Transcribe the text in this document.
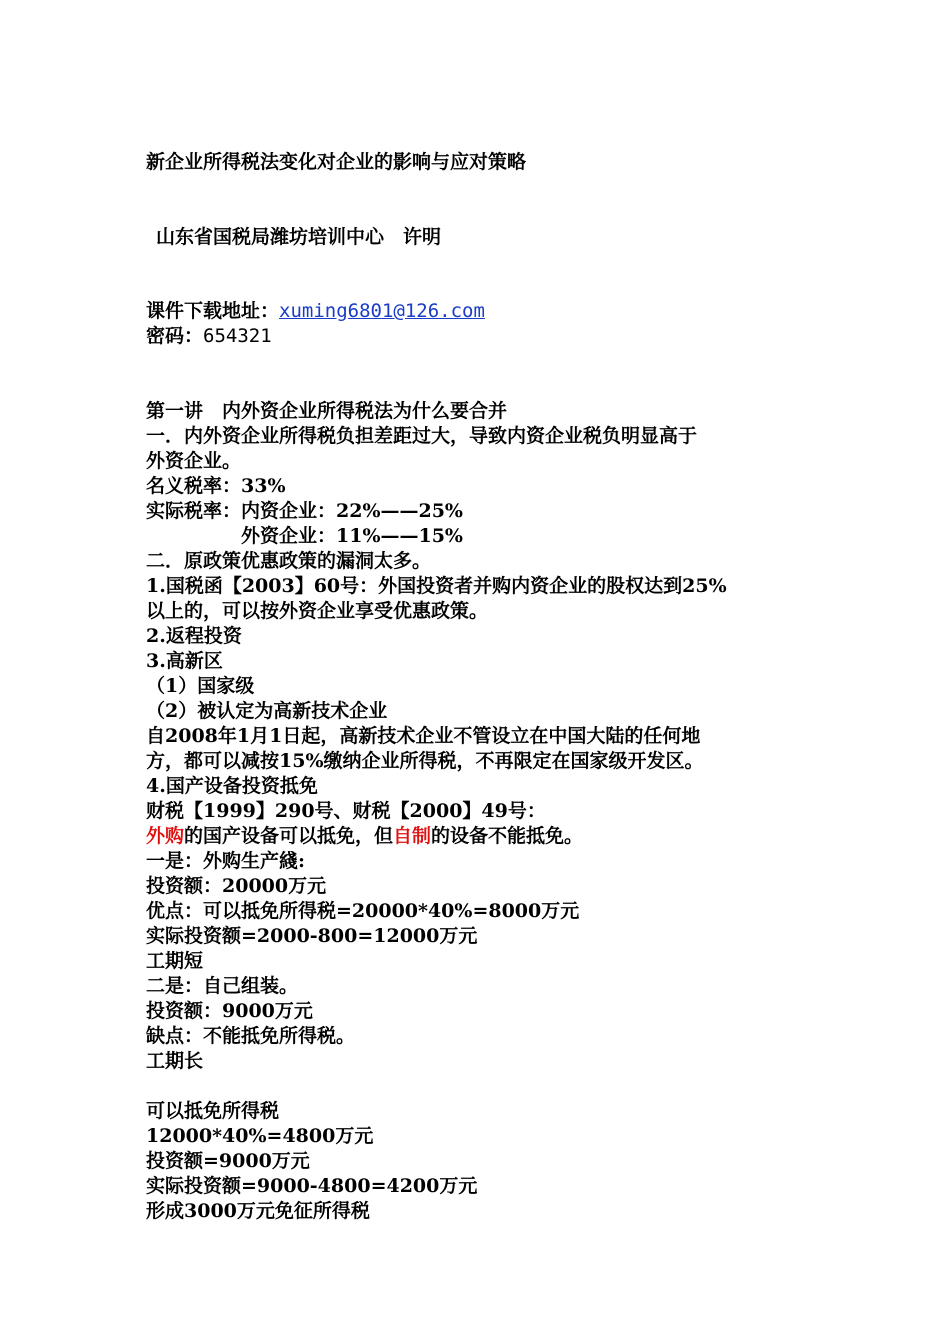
新企业所得税法变化对企业的影响与应对策略
山东省国税局潍坊培训中心　许明
课件下载地址：xuming6801@126.com
密码：654321
第一讲　内外资企业所得税法为什么要合并
一．内外资企业所得税负担差距过大，导致内资企业税负明显高于
外资企业。
名义税率：33%
实际税率：内资企业：22%——25%
　　　　　外资企业：11%——15%
二．原政策优惠政策的漏洞太多。
1.国税函【2003】60号：外国投资者并购内资企业的股权达到25%
以上的，可以按外资企业享受优惠政策。
2.返程投资
3.高新区
（1）国家级
（2）被认定为高新技术企业
自2008年1月1日起，高新技术企业不管设立在中国大陆的任何地
方，都可以减按15%缴纳企业所得税，不再限定在国家级开发区。
4.国产设备投资抵免
财税【1999】290号、财税【2000】49号：
外购的国产设备可以抵免，但自制的设备不能抵免。
一是：外购生产綫:
投资额：20000万元
优点：可以抵免所得税=20000*40%=8000万元
实际投资额=2000-800=12000万元
工期短
二是：自己组装。
投资额：9000万元
缺点：不能抵免所得税。
工期长
可以抵免所得税
12000*40%=4800万元
投资额=9000万元
实际投资额=9000-4800=4200万元
形成3000万元免征所得税
